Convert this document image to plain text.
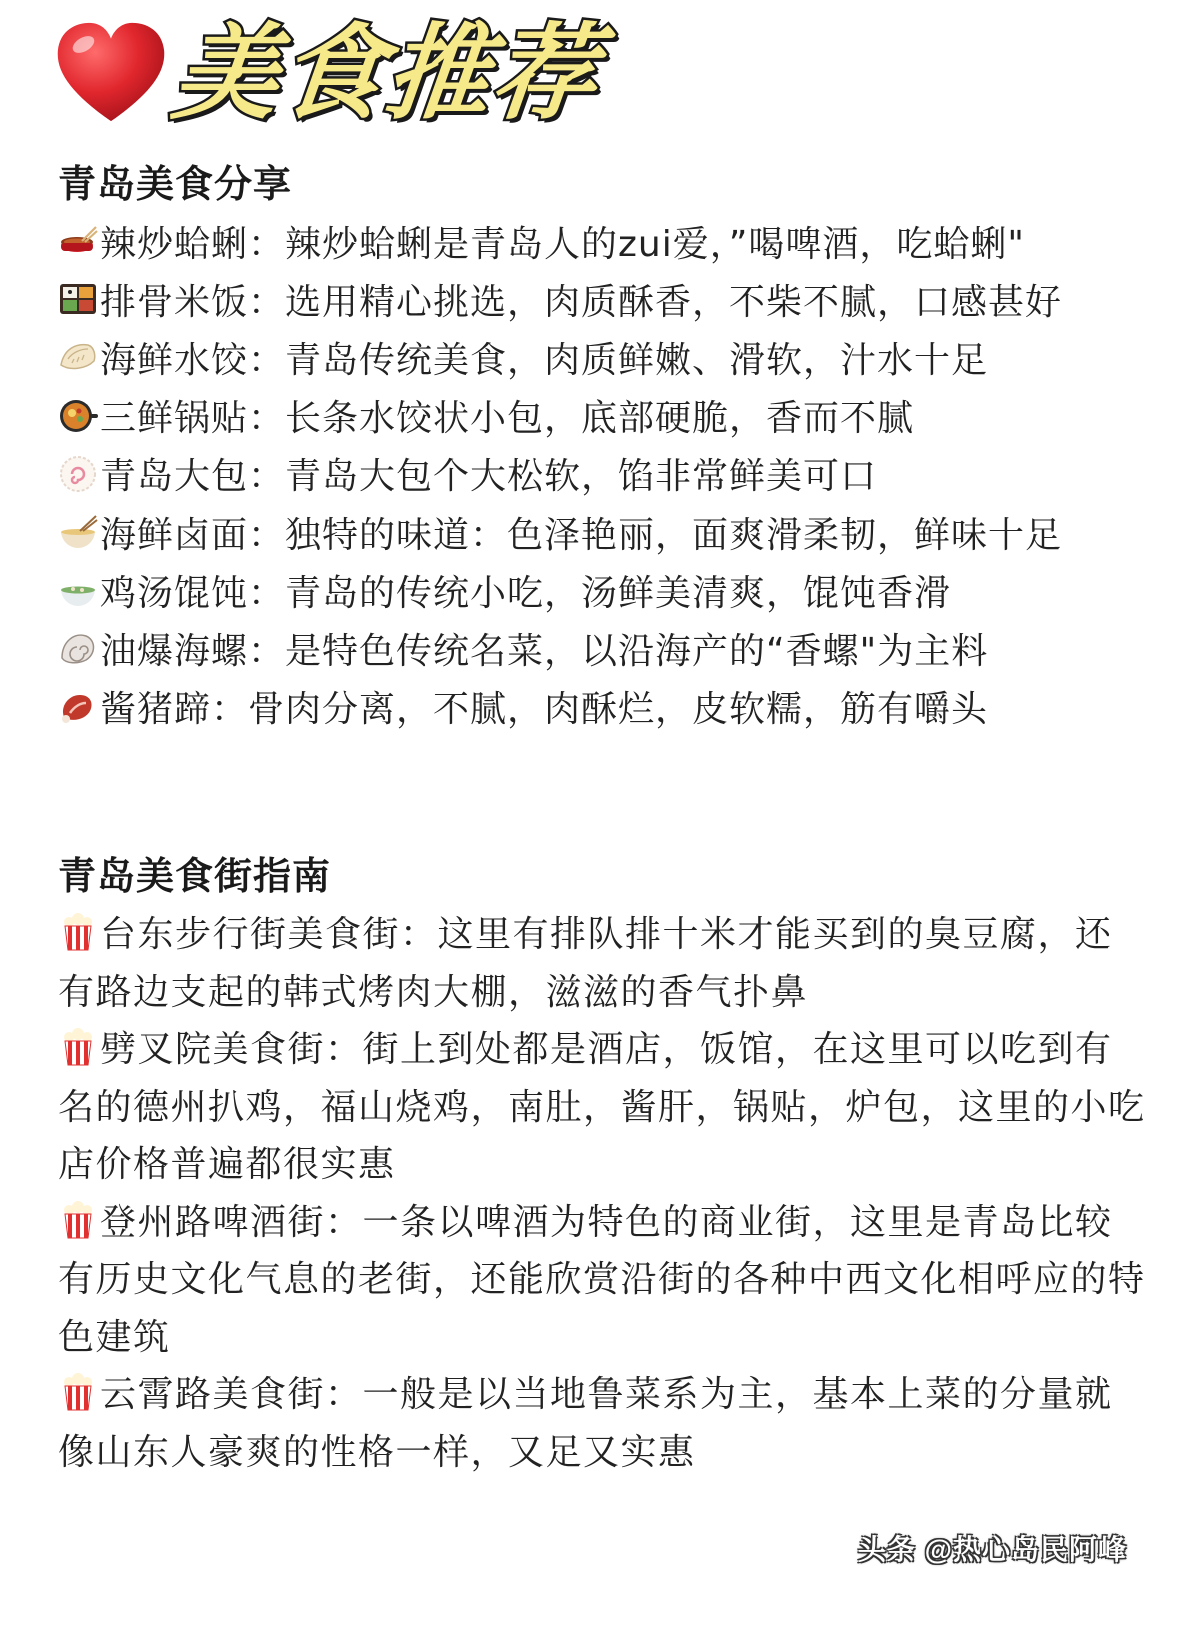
美食推荐
青岛美食分享
辣炒蛤蜊：辣炒蛤蜊是青岛人的zui爱，”喝啤酒，吃蛤蜊"
排骨米饭：选用精心挑选，肉质酥香，不柴不腻，口感甚好
海鲜水饺：青岛传统美食，肉质鲜嫩、滑软，汁水十足
三鲜锅贴：长条水饺状小包，底部硬脆，香而不腻
青岛大包：青岛大包个大松软，馅非常鲜美可口
海鲜卤面：独特的味道：色泽艳丽，面爽滑柔韧，鲜味十足
鸡汤馄饨：青岛的传统小吃，汤鲜美清爽，馄饨香滑
油爆海螺：是特色传统名菜，以沿海产的“香螺"为主料
酱猪蹄：骨肉分离，不腻，肉酥烂，皮软糯，筋有嚼头
青岛美食街指南
台东步行街美食街：这里有排队排十米才能买到的臭豆腐，还有路边支起的韩式烤肉大棚，滋滋的香气扑鼻
劈叉院美食街：街上到处都是酒店，饭馆，在这里可以吃到有名的德州扒鸡，福山烧鸡，南肚，酱肝，锅贴，炉包，这里的小吃店价格普遍都很实惠
登州路啤酒街：一条以啤酒为特色的商业街，这里是青岛比较有历史文化气息的老街，还能欣赏沿街的各种中西文化相呼应的特色建筑
云霄路美食街：一般是以当地鲁菜系为主，基本上菜的分量就像山东人豪爽的性格一样，又足又实惠
头条 @热心岛民阿峰
